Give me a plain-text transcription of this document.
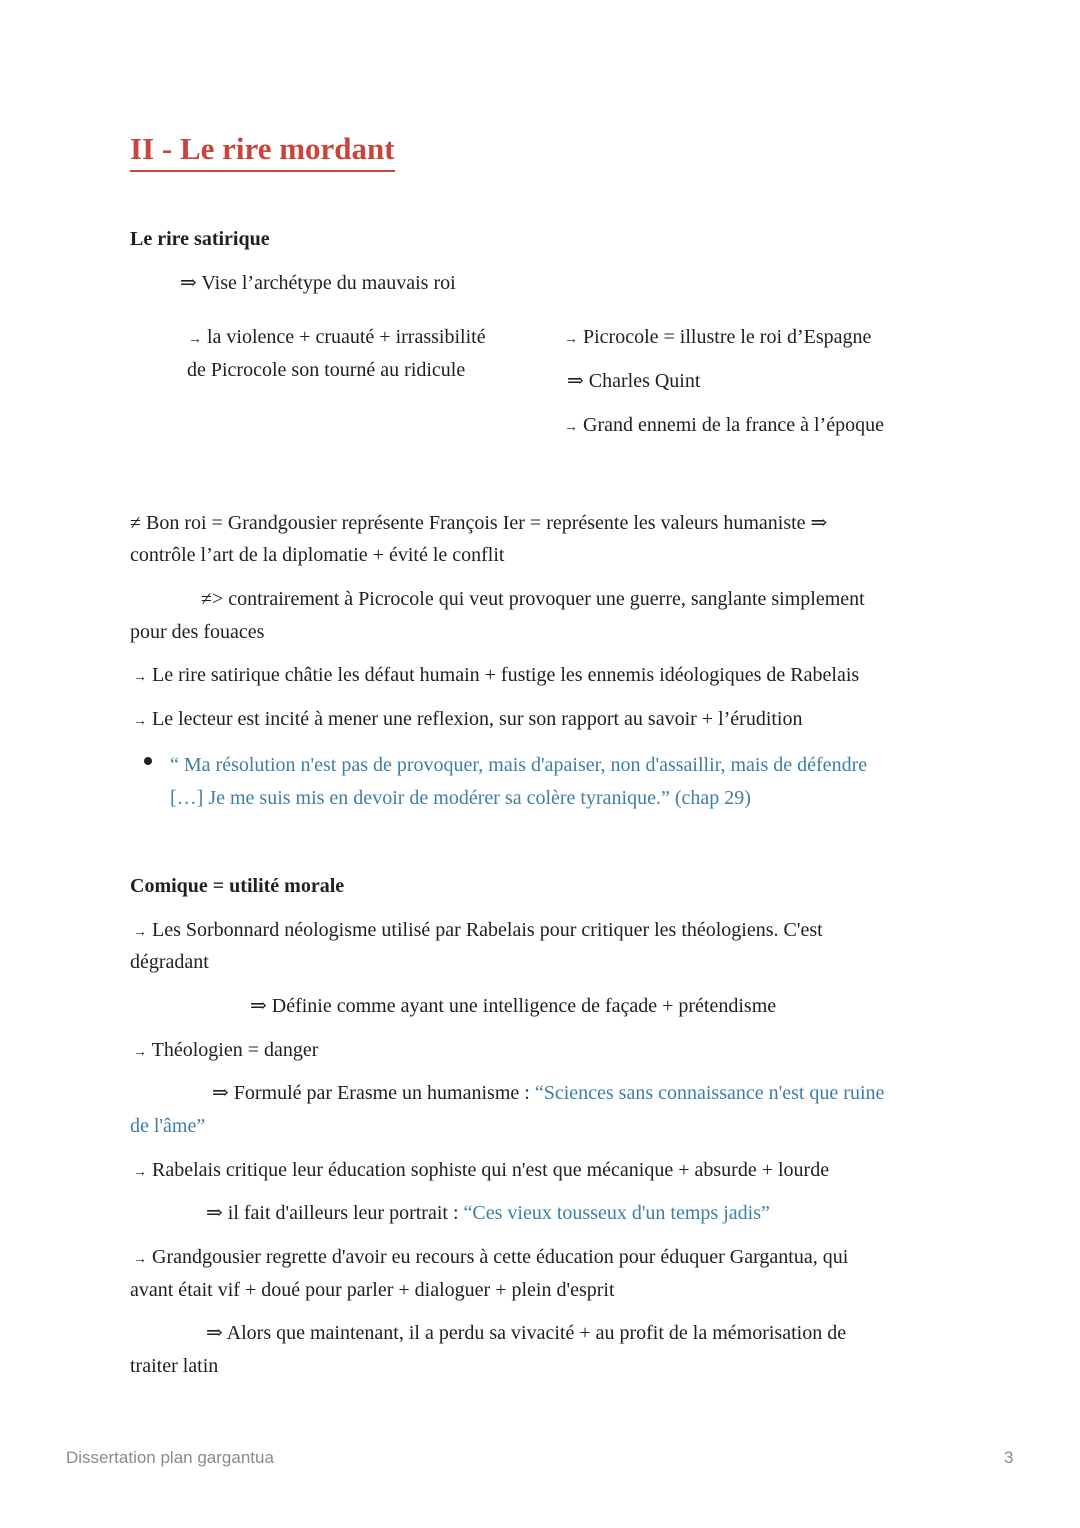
II - Le rire mordant

Le rire satirique

⇒ Vise l’archétype du mauvais roi

→ la violence + cruauté + irrassibilité

de Picrocole son tourné au ridicule

→ Picrocole = illustre le roi d’Espagne

⇒ Charles Quint

→ Grand ennemi de la france à l’époque

≠ Bon roi = Grandgousier représente François Ier = représente les valeurs humaniste ⇒

contrôle l’art de la diplomatie + évité le conflit

≠> contrairement à Picrocole qui veut provoquer une guerre, sanglante simplement

pour des fouaces

→ Le rire satirique châtie les défaut humain + fustige les ennemis idéologiques de Rabelais

→ Le lecteur est incité à mener une reflexion, sur son rapport au savoir + l’érudition

“ Ma résolution n'est pas de provoquer, mais d'apaiser, non d'assaillir, mais de défendre

[…] Je me suis mis en devoir de modérer sa colère tyranique.” (chap 29)

Comique = utilité morale

→ Les Sorbonnard néologisme utilisé par Rabelais pour critiquer les théologiens. C'est

dégradant

⇒ Définie comme ayant une intelligence de façade + prétendisme

→ Théologien = danger

⇒ Formulé par Erasme un humanisme : “Sciences sans connaissance n'est que ruine

de l'âme”

→ Rabelais critique leur éducation sophiste qui n'est que mécanique + absurde + lourde

⇒ il fait d'ailleurs leur portrait : “Ces vieux tousseux d'un temps jadis”

→ Grandgousier regrette d'avoir eu recours à cette éducation pour éduquer Gargantua, qui

avant était vif + doué pour parler + dialoguer + plein d'esprit

⇒ Alors que maintenant, il a perdu sa vivacité + au profit de la mémorisation de

traiter latin

Dissertation plan gargantua	3
